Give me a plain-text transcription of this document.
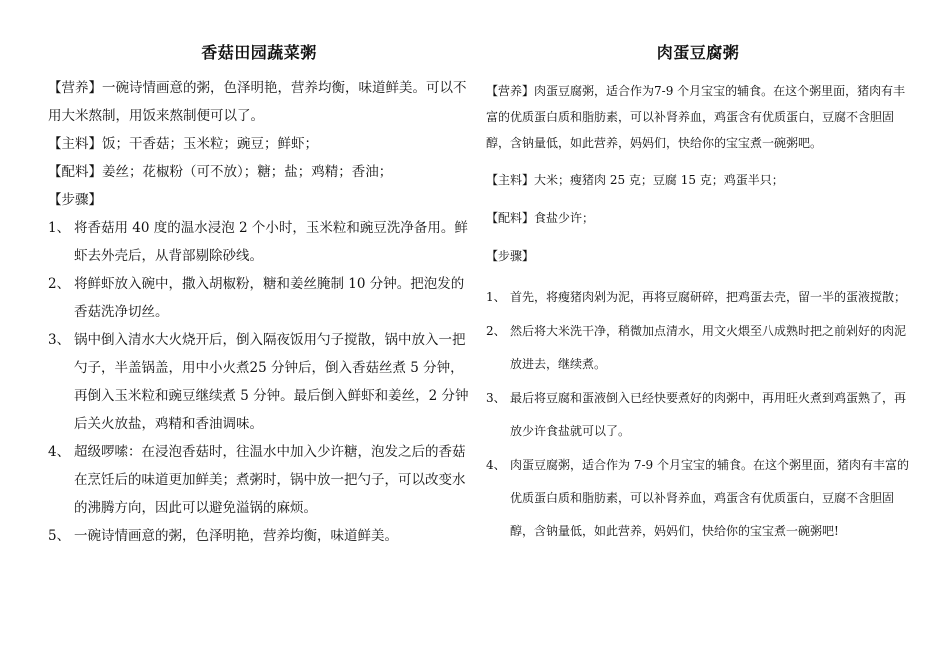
香菇田园蔬菜粥

【营养】一碗诗情画意的粥，色泽明艳，营养均衡，味道鲜美。可以不用大米熬制，用饭来熬制便可以了。

【主料】饭；干香菇；玉米粒；豌豆；鲜虾；

【配料】姜丝；花椒粉（可不放）；糖；盐；鸡精；香油；

【步骤】

1、 将香菇用 40 度的温水浸泡 2 个小时，玉米粒和豌豆洗净备用。鲜虾去外壳后，从背部剔除砂线。
2、 将鲜虾放入碗中，撒入胡椒粉，糖和姜丝腌制 10 分钟。把泡发的香菇洗净切丝。
3、 锅中倒入清水大火烧开后，倒入隔夜饭用勺子搅散，锅中放入一把勺子，半盖锅盖，用中小火煮25 分钟后，倒入香菇丝煮 5 分钟，再倒入玉米粒和豌豆继续煮 5 分钟。最后倒入鲜虾和姜丝，2 分钟后关火放盐，鸡精和香油调味。
4、 超级啰嗦：在浸泡香菇时，往温水中加入少许糖，泡发之后的香菇在烹饪后的味道更加鲜美；煮粥时，锅中放一把勺子，可以改变水的沸腾方向，因此可以避免溢锅的麻烦。
5、 一碗诗情画意的粥，色泽明艳，营养均衡，味道鲜美。
肉蛋豆腐粥

【营养】肉蛋豆腐粥，适合作为7-9 个月宝宝的辅食。在这个粥里面，猪肉有丰富的优质蛋白质和脂肪素，可以补肾养血，鸡蛋含有优质蛋白，豆腐不含胆固醇，含钠量低，如此营养，妈妈们，快给你的宝宝煮一碗粥吧。

【主料】大米；瘦猪肉 25 克；豆腐 15 克；鸡蛋半只；

【配料】食盐少许；

【步骤】

1、 首先，将瘦猪肉剁为泥，再将豆腐研碎，把鸡蛋去壳，留一半的蛋液搅散；
2、 然后将大米洗干净，稍微加点清水，用文火煨至八成熟时把之前剁好的肉泥放进去，继续煮。
3、 最后将豆腐和蛋液倒入已经快要煮好的肉粥中，再用旺火煮到鸡蛋熟了，再放少许食盐就可以了。
4、 肉蛋豆腐粥，适合作为 7-9 个月宝宝的辅食。在这个粥里面，猪肉有丰富的优质蛋白质和脂肪素，可以补肾养血，鸡蛋含有优质蛋白，豆腐不含胆固醇，含钠量低，如此营养，妈妈们，快给你的宝宝煮一碗粥吧!
